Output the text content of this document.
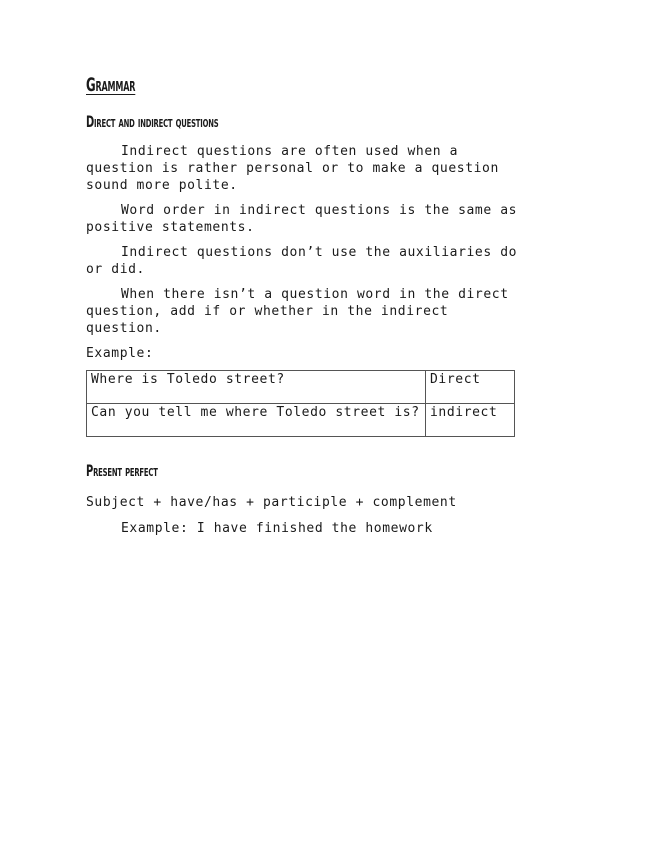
Grammar
Direct and indirect questions

Indirect questions are often used when a question is rather personal or to make a question sound more polite.

Word order in indirect questions is the same as positive statements.

Indirect questions don’t use the auxiliaries do or did.

When there isn’t a question word in the direct question, add if or whether in the indirect question.

Example:
Where is Toledo street?	Direct
Can you tell me where Toledo street is?	indirect
Present perfect
Subject + have/has + participle + complement
Example: I have finished the homework
